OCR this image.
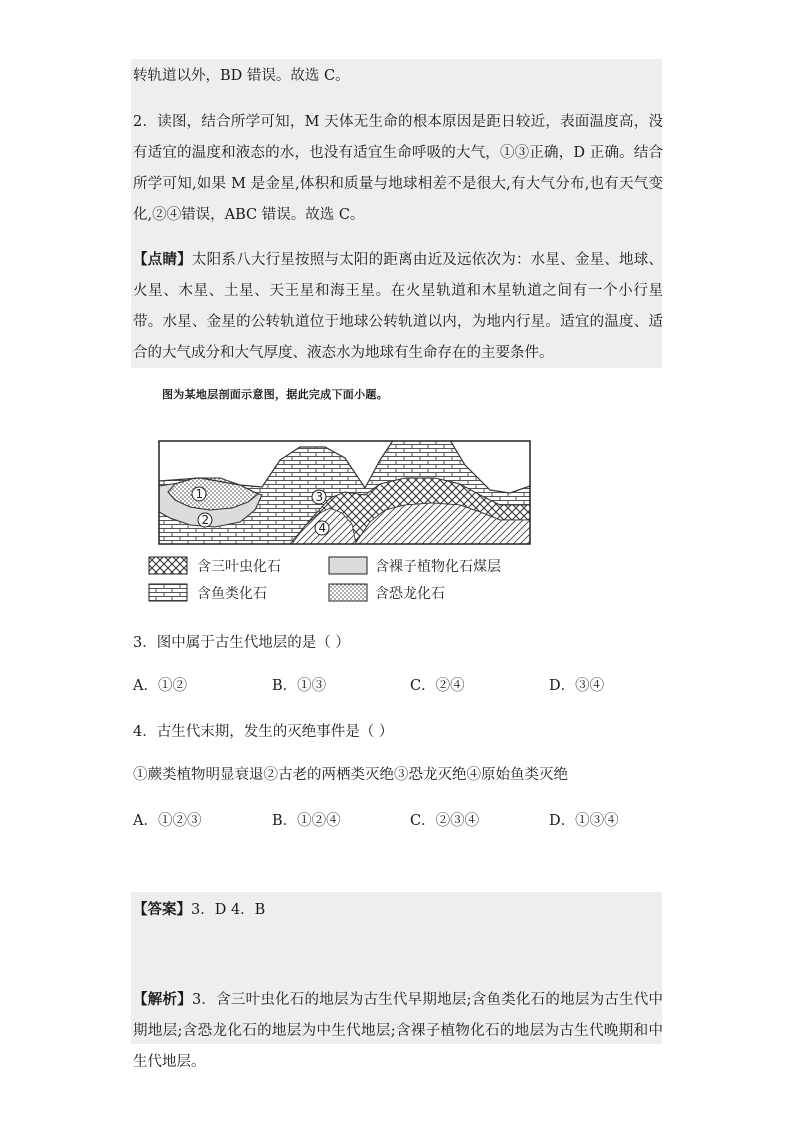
转轨道以外，BD 错误。故选 C。
2．读图，结合所学可知，M 天体无生命的根本原因是距日较近，表面温度高，没有适宜的温度和液态的水，也没有适宜生命呼吸的大气，①③正确，D 正确。结合所学可知,如果 M 是金星,体积和质量与地球相差不是很大,有大气分布,也有天气变化,②④错误，ABC 错误。故选 C。
【点睛】太阳系八大行星按照与太阳的距离由近及远依次为：水星、金星、地球、火星、木星、土星、天王星和海王星。在火星轨道和木星轨道之间有一个小行星带。水星、金星的公转轨道位于地球公转轨道以内，为地内行星。适宜的温度、适合的大气成分和大气厚度、液态水为地球有生命存在的主要条件。
图为某地层剖面示意图，据此完成下面小题。
1
2
3
4
含三叶虫化石	含裸子植物化石煤层
含鱼类化石	含恐龙化石
3．图中属于古生代地层的是（ ）
A．①②	B．①③	C．②④	D．③④
4．古生代末期，发生的灭绝事件是（ ）
①蕨类植物明显衰退②古老的两栖类灭绝③恐龙灭绝④原始鱼类灭绝
A．①②③	B．①②④	C．②③④	D．①③④
【答案】3．D 4．B
【解析】3．含三叶虫化石的地层为古生代早期地层;含鱼类化石的地层为古生代中期地层;含恐龙化石的地层为中生代地层;含裸子植物化石的地层为古生代晚期和中生代地层。
